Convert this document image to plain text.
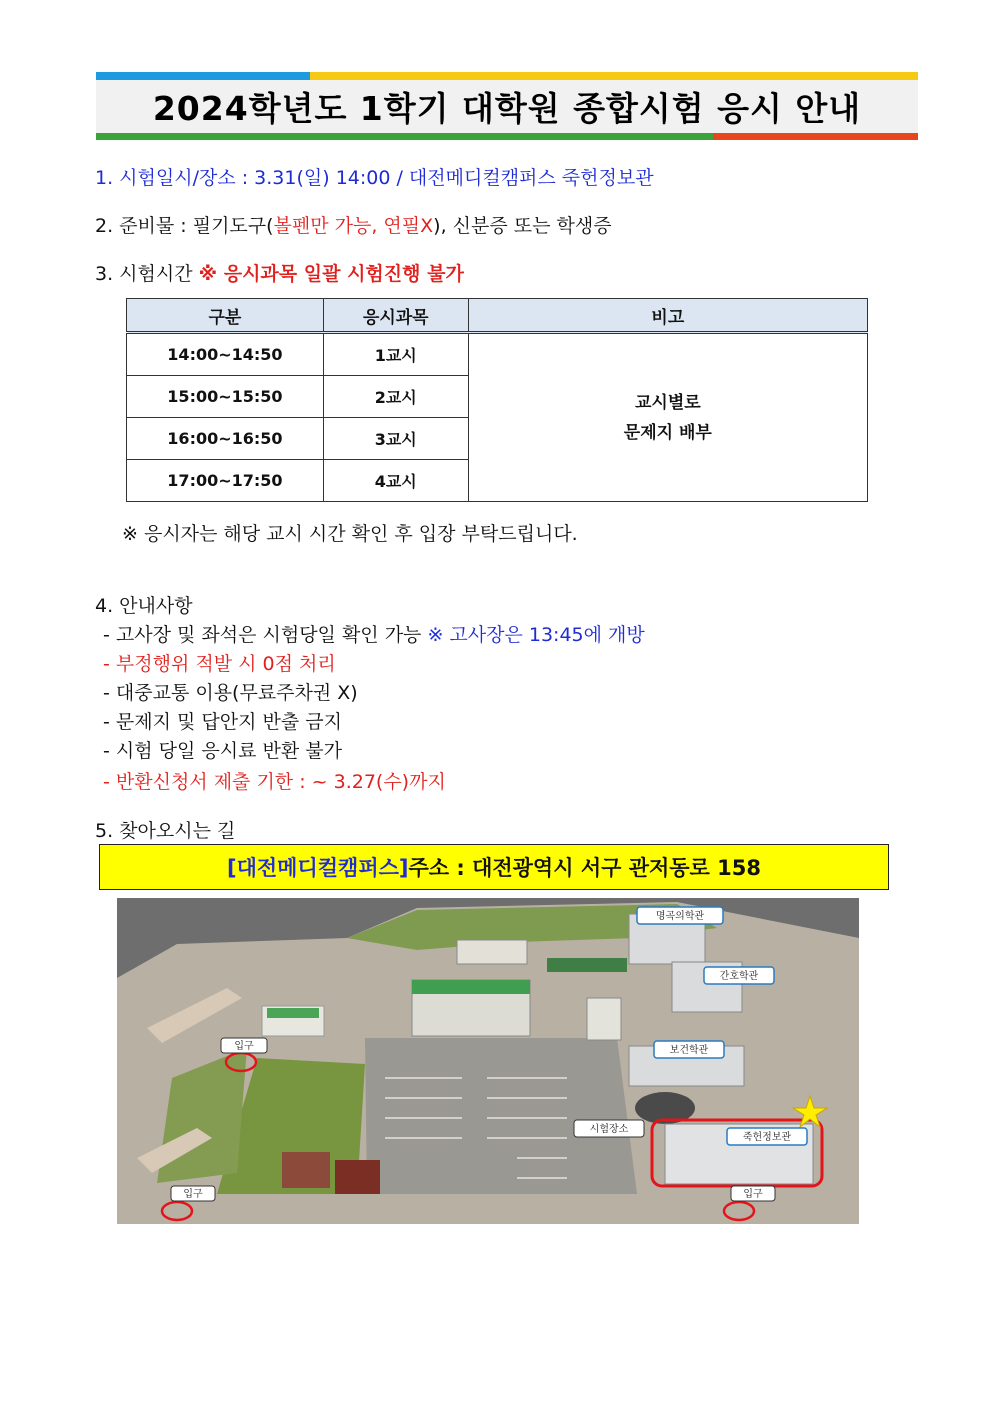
2024학년도 1학기 대학원 종합시험 응시 안내
1. 시험일시/장소 : 3.31(일) 14:00 / 대전메디컬캠퍼스 죽헌정보관
2. 준비물 : 필기도구(볼펜만 가능, 연필X), 신분증 또는 학생증
3. 시험시간 ※ 응시과목 일괄 시험진행 불가
구분	응시과목	비고
14:00~14:50	1교시	교시별로
문제지 배부

15:00~15:50	2교시	
16:00~16:50	3교시	
17:00~17:50	4교시	
※ 응시자는 해당 교시 시간 확인 후 입장 부탁드립니다.
4. 안내사항
- 고사장 및 좌석은 시험당일 확인 가능 ※ 고사장은 13:45에 개방
- 부정행위 적발 시 0점 처리
- 대중교통 이용(무료주차권 X)
- 문제지 및 답안지 반출 금지
- 시험 당일 응시료 반환 불가
- 반환신청서 제출 기한 : ~ 3.27(수)까지
5. 찾아오시는 길
[대전메디컬캠퍼스] 주소 : 대전광역시 서구 관저동로 158
명곡의학관
간호학관
보건학관
시험장소
죽헌정보관
입구
입구	입구
